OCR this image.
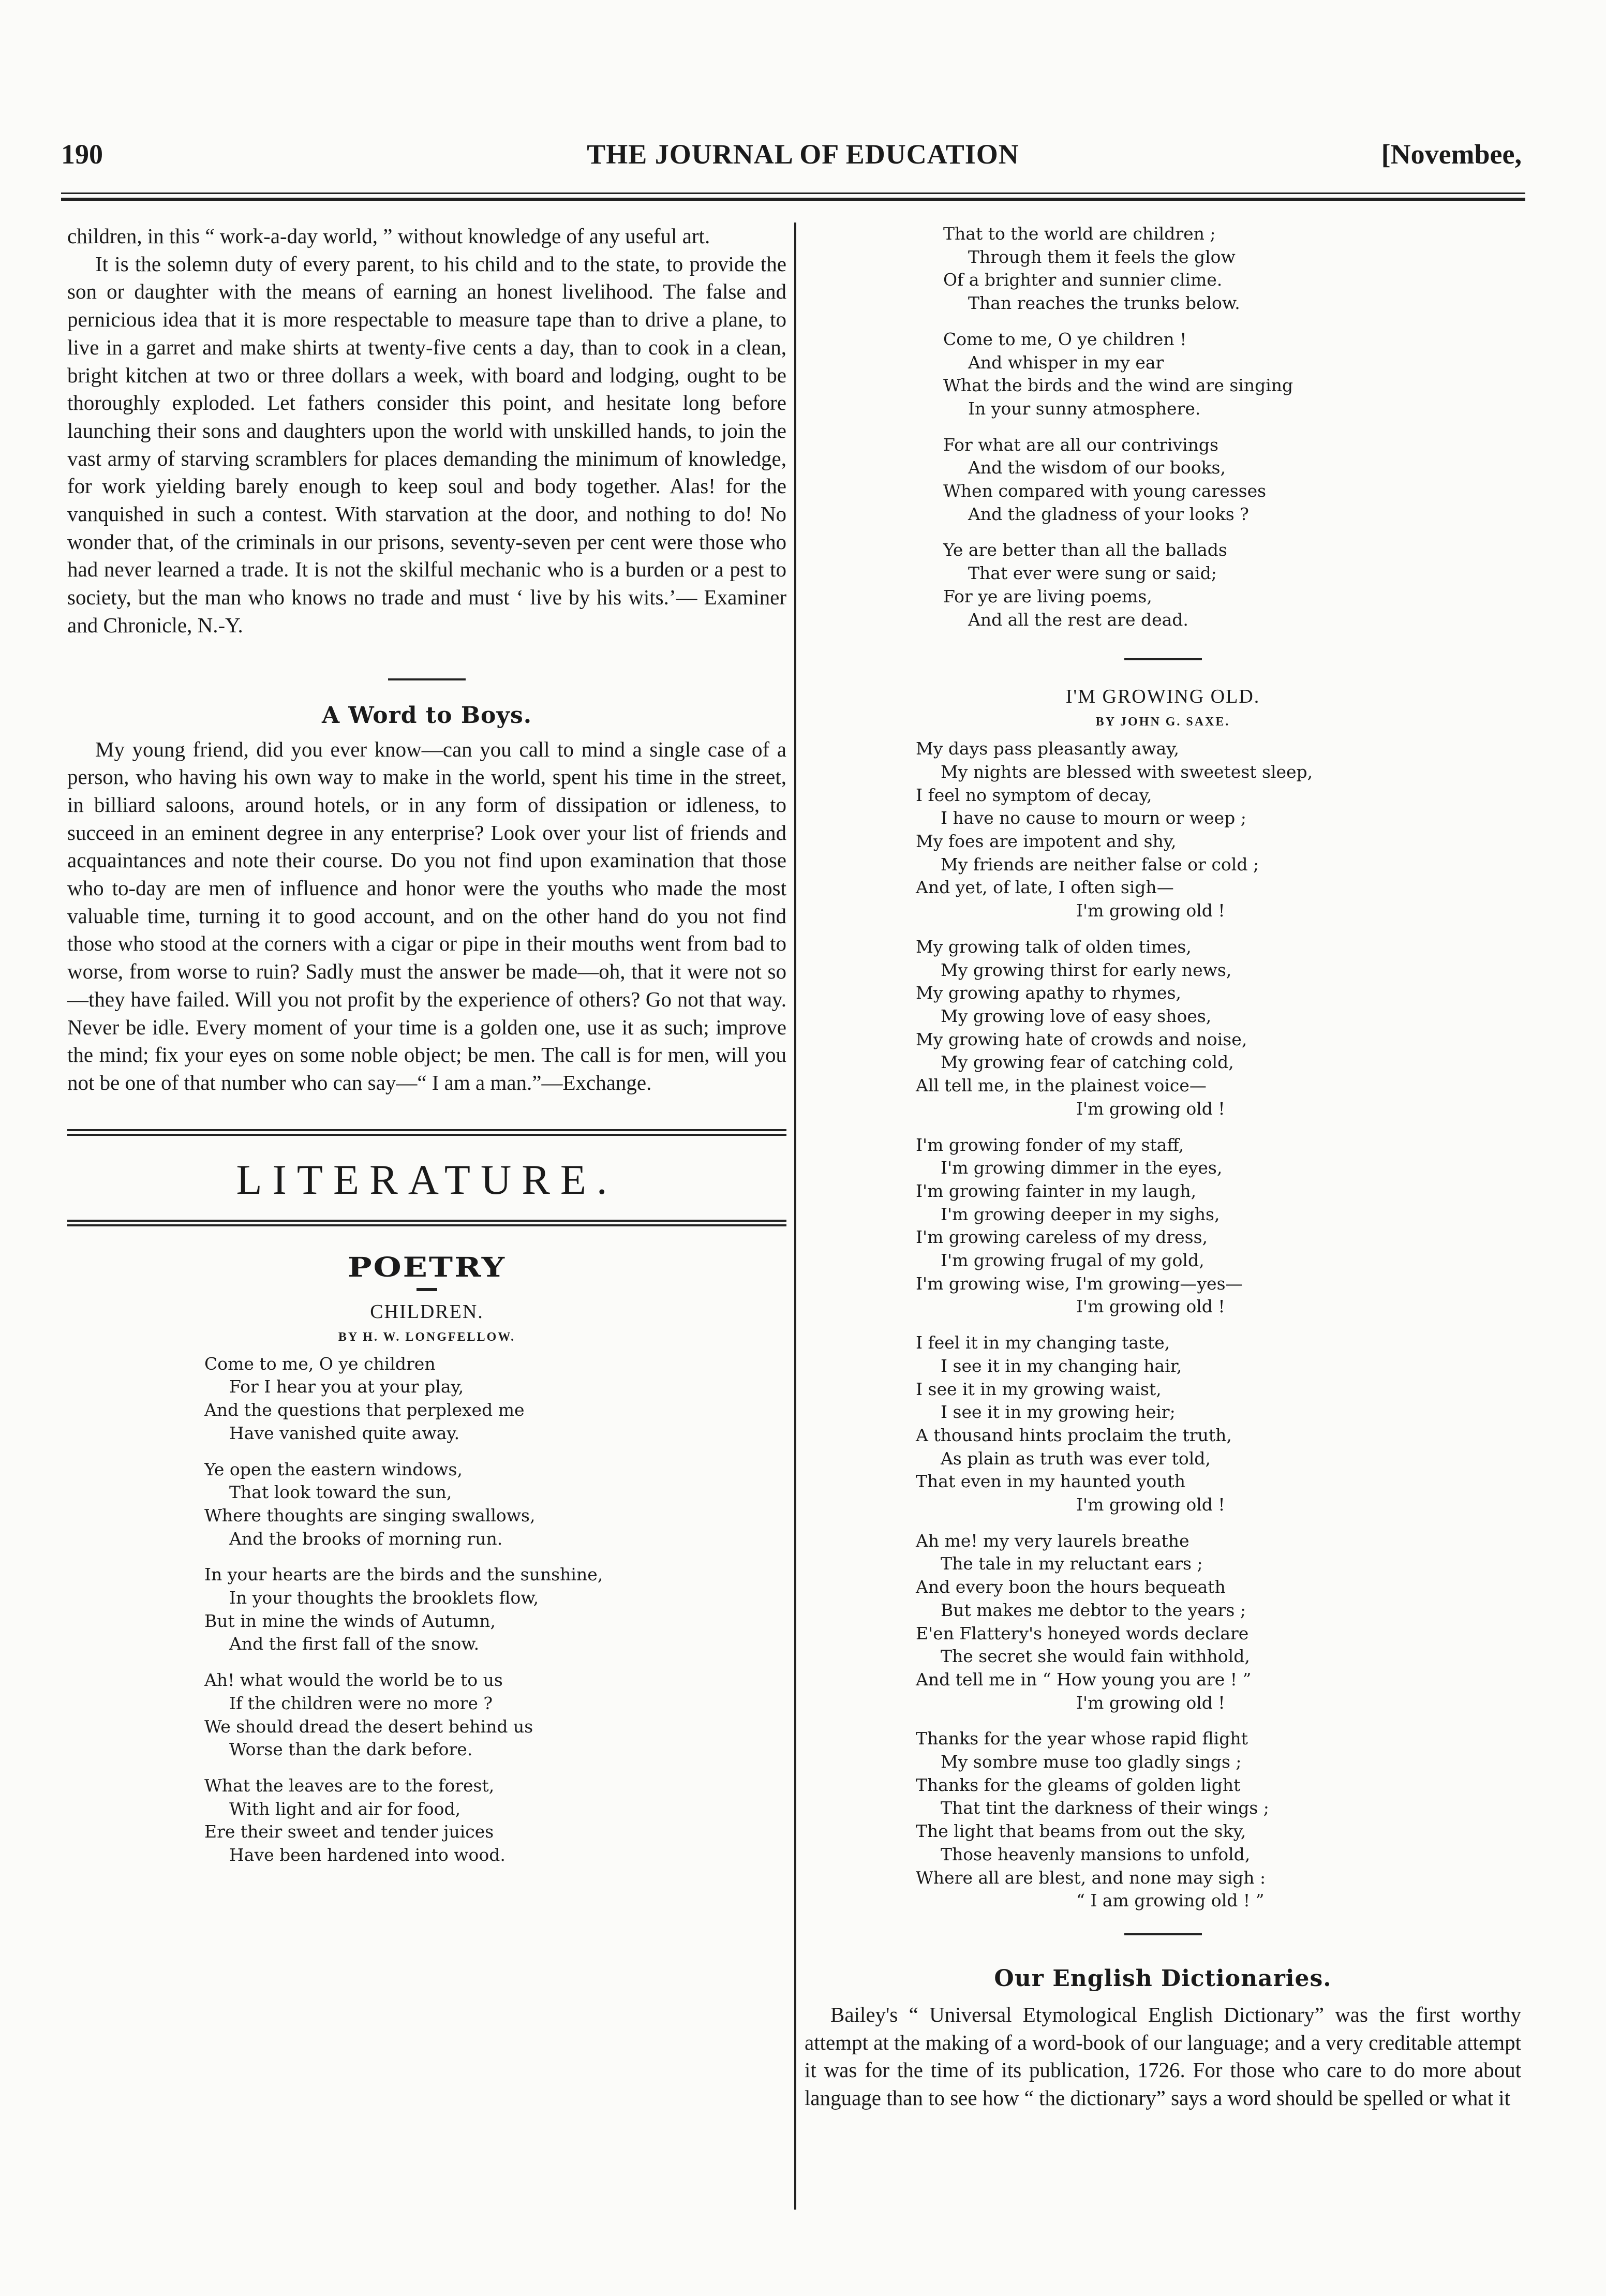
190	THE JOURNAL OF EDUCATION	[Novembee,

children, in this “ work-a-day world, ” without knowledge of any useful art.

It is the solemn duty of every parent, to his child and to the state, to provide the son or daughter with the means of earning an honest livelihood. The false and pernicious idea that it is more respectable to measure tape than to drive a plane, to live in a garret and make shirts at twenty-five cents a day, than to cook in a clean, bright kitchen at two or three dollars a week, with board and lodging, ought to be thoroughly exploded. Let fathers consider this point, and hesitate long before launching their sons and daughters upon the world with unskilled hands, to join the vast army of starving scramblers for places demanding the minimum of knowledge, for work yielding barely enough to keep soul and body together. Alas! for the vanquished in such a contest. With starvation at the door, and nothing to do! No wonder that, of the criminals in our prisons, seventy-seven per cent were those who had never learned a trade. It is not the skilful mechanic who is a burden or a pest to society, but the man who knows no trade and must ‘ live by his wits.’— Examiner and Chronicle, N.-Y.

A Word to Boys.

My young friend, did you ever know—can you call to mind a single case of a person, who having his own way to make in the world, spent his time in the street, in billiard saloons, around hotels, or in any form of dissipation or idleness, to succeed in an eminent degree in any enterprise? Look over your list of friends and acquaintances and note their course. Do you not find upon examination that those who to-day are men of influence and honor were the youths who made the most valuable time, turning it to good account, and on the other hand do you not find those who stood at the corners with a cigar or pipe in their mouths went from bad to worse, from worse to ruin? Sadly must the answer be made—oh, that it were not so—they have failed. Will you not profit by the experience of others? Go not that way. Never be idle. Every moment of your time is a golden one, use it as such; improve the mind; fix your eyes on some noble object; be men. The call is for men, will you not be one of that number who can say—“ I am a man.”—Exchange.

LITERATURE.
POETRY
CHILDREN.
BY H. W. LONGFELLOW.
Come to me, O ye children
For I hear you at your play,
And the questions that perplexed me
Have vanished quite away.
Ye open the eastern windows,
That look toward the sun,
Where thoughts are singing swallows,
And the brooks of morning run.
In your hearts are the birds and the sunshine,
In your thoughts the brooklets flow,
But in mine the winds of Autumn,
And the first fall of the snow.
Ah! what would the world be to us
If the children were no more ?
We should dread the desert behind us
Worse than the dark before.
What the leaves are to the forest,
With light and air for food,
Ere their sweet and tender juices
Have been hardened into wood.
That to the world are children ;
Through them it feels the glow
Of a brighter and sunnier clime.
Than reaches the trunks below.
Come to me, O ye children !
And whisper in my ear
What the birds and the wind are singing
In your sunny atmosphere.
For what are all our contrivings
And the wisdom of our books,
When compared with young caresses
And the gladness of your looks ?
Ye are better than all the ballads
That ever were sung or said;
For ye are living poems,
And all the rest are dead.
I'M GROWING OLD.
BY JOHN G. SAXE.
My days pass pleasantly away,
My nights are blessed with sweetest sleep,
I feel no symptom of decay,
I have no cause to mourn or weep ;
My foes are impotent and shy,
My friends are neither false or cold ;
And yet, of late, I often sigh—
I'm growing old !
My growing talk of olden times,
My growing thirst for early news,
My growing apathy to rhymes,
My growing love of easy shoes,
My growing hate of crowds and noise,
My growing fear of catching cold,
All tell me, in the plainest voice—
I'm growing old !
I'm growing fonder of my staff,
I'm growing dimmer in the eyes,
I'm growing fainter in my laugh,
I'm growing deeper in my sighs,
I'm growing careless of my dress,
I'm growing frugal of my gold,
I'm growing wise, I'm growing—yes—
I'm growing old !
I feel it in my changing taste,
I see it in my changing hair,
I see it in my growing waist,
I see it in my growing heir;
A thousand hints proclaim the truth,
As plain as truth was ever told,
That even in my haunted youth
I'm growing old !
Ah me! my very laurels breathe
The tale in my reluctant ears ;
And every boon the hours bequeath
But makes me debtor to the years ;
E'en Flattery's honeyed words declare
The secret she would fain withhold,
And tell me in “ How young you are ! ”
I'm growing old !
Thanks for the year whose rapid flight
My sombre muse too gladly sings ;
Thanks for the gleams of golden light
That tint the darkness of their wings ;
The light that beams from out the sky,
Those heavenly mansions to unfold,
Where all are blest, and none may sigh :
“ I am growing old ! ”
Our English Dictionaries.

Bailey's “ Universal Etymological English Dictionary” was the first worthy attempt at the making of a word-book of our language; and a very creditable attempt it was for the time of its publication, 1726. For those who care to do more about language than to see how “ the dictionary” says a word should be spelled or what it
